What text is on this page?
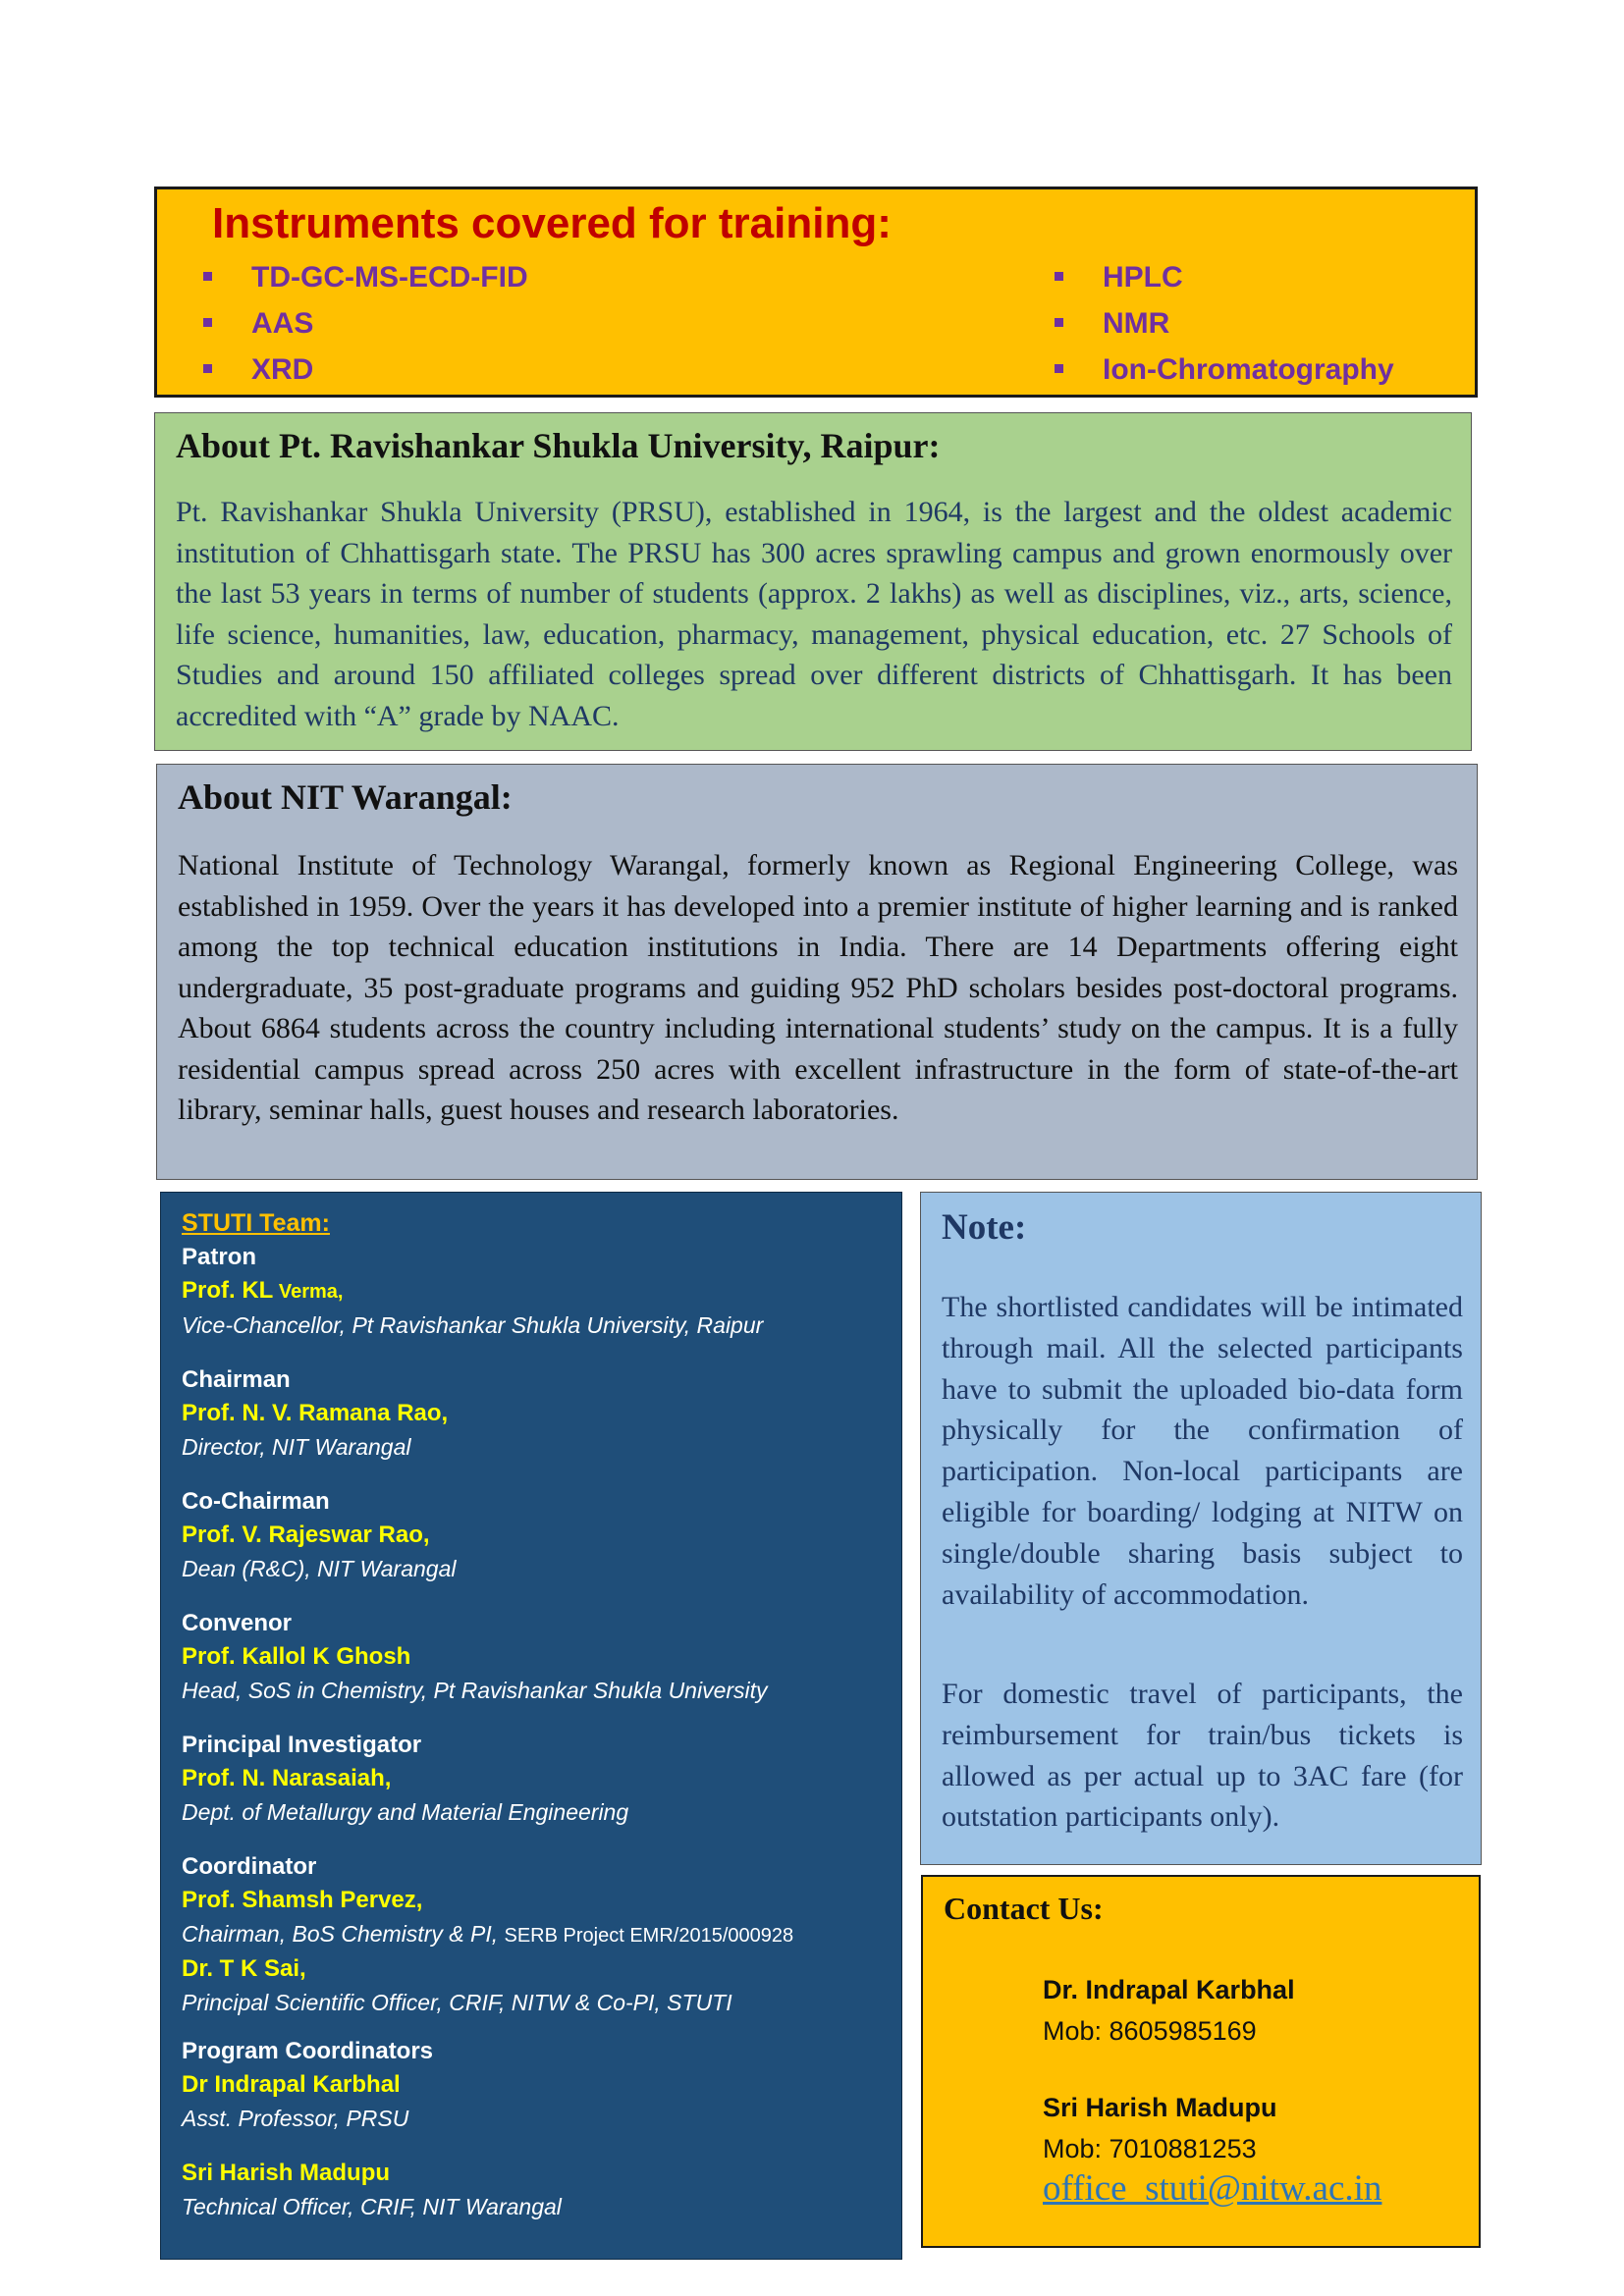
Instruments covered for training:
TD-GC-MS-ECD-FID
AAS
XRD
HPLC
NMR
Ion-Chromatography
About Pt. Ravishankar Shukla University, Raipur:

Pt. Ravishankar Shukla University (PRSU), established in 1964, is the largest and the oldest academic institution of Chhattisgarh state. The PRSU has 300 acres sprawling campus and grown enormously over the last 53 years in terms of number of students (approx. 2 lakhs) as well as disciplines, viz., arts, science, life science, humanities, law, education, pharmacy, management, physical education, etc. 27 Schools of Studies and around 150 affiliated colleges spread over different districts of Chhattisgarh. It has been accredited with “A” grade by NAAC.

About NIT Warangal:

National Institute of Technology Warangal, formerly known as Regional Engineering College, was established in 1959. Over the years it has developed into a premier institute of higher learning and is ranked among the top technical education institutions in India. There are 14 Departments offering eight undergraduate, 35 post-graduate programs and guiding 952 PhD scholars besides post-doctoral programs. About 6864 students across the country including international students’ study on the campus. It is a fully residential campus spread across 250 acres with excellent infrastructure in the form of state-of-the-art library, seminar halls, guest houses and research laboratories.

STUTI Team:

Patron
Prof. KL Verma,
Vice-Chancellor, Pt Ravishankar Shukla University, Raipur
Chairman
Prof. N. V. Ramana Rao,
Director, NIT Warangal
Co-Chairman
Prof. V. Rajeswar Rao,
Dean (R&C), NIT Warangal
Convenor
Prof. Kallol K Ghosh
Head, SoS in Chemistry, Pt Ravishankar Shukla University
Principal Investigator
Prof. N. Narasaiah,
Dept. of Metallurgy and Material Engineering
Coordinator
Prof. Shamsh Pervez,
Chairman, BoS Chemistry & PI, SERB Project EMR/2015/000928
Dr. T K Sai,
Principal Scientific Officer, CRIF, NITW & Co-PI, STUTI
Program Coordinators
Dr Indrapal Karbhal
Asst. Professor, PRSU
Sri Harish Madupu
Technical Officer, CRIF, NIT Warangal
Note:

The shortlisted candidates will be intimated through mail. All the selected participants have to submit the uploaded bio-data form physically for the confirmation of participation. Non-local participants are eligible for boarding/ lodging at NITW on single/double sharing basis subject to availability of accommodation.

For domestic travel of participants, the reimbursement for train/bus tickets is allowed as per actual up to 3AC fare (for outstation participants only).

Contact Us:

Dr. Indrapal Karbhal

Mob: 8605985169

Sri Harish Madupu

Mob: 7010881253

office_stuti@nitw.ac.in
